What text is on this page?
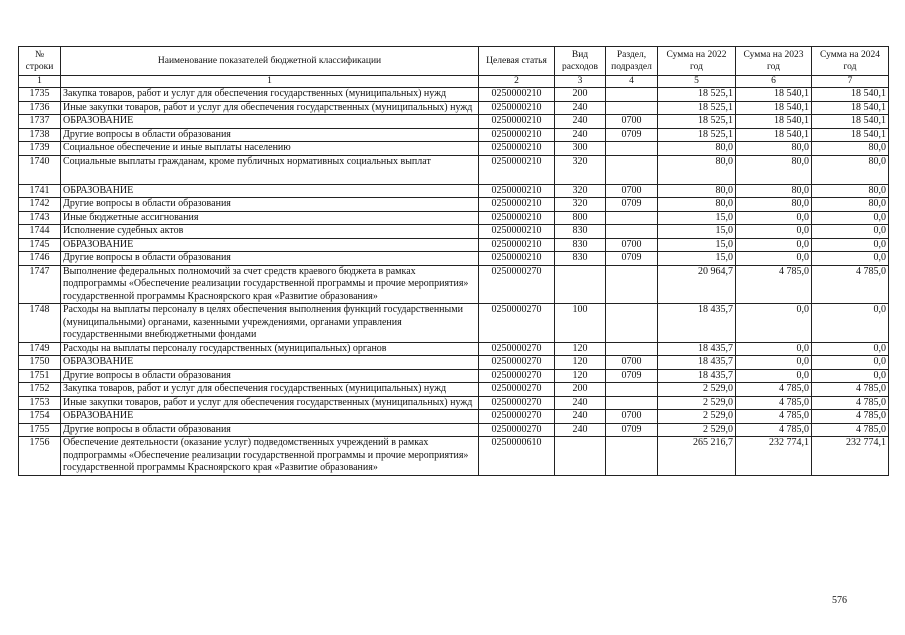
№ строки	Наименование показателей бюджетной классификации	Целевая статья	Вид расходов	Раздел, подраздел	Сумма на 2022 год	Сумма на 2023 год	Сумма на 2024 год
1	1	2	3	4	5	6	7
1735	Закупка товаров, работ и услуг для обеспечения государственных (муниципальных) нужд	0250000210	200		18 525,1	18 540,1	18 540,1
1736	Иные закупки товаров, работ и услуг для обеспечения государственных (муниципальных) нужд	0250000210	240		18 525,1	18 540,1	18 540,1
1737	ОБРАЗОВАНИЕ	0250000210	240	0700	18 525,1	18 540,1	18 540,1
1738	Другие вопросы в области образования	0250000210	240	0709	18 525,1	18 540,1	18 540,1
1739	Социальное обеспечение и иные выплаты населению	0250000210	300		80,0	80,0	80,0
1740	Социальные выплаты гражданам, кроме публичных нормативных социальных выплат	0250000210	320		80,0	80,0	80,0
1741	ОБРАЗОВАНИЕ	0250000210	320	0700	80,0	80,0	80,0
1742	Другие вопросы в области образования	0250000210	320	0709	80,0	80,0	80,0
1743	Иные бюджетные ассигнования	0250000210	800		15,0	0,0	0,0
1744	Исполнение судебных актов	0250000210	830		15,0	0,0	0,0
1745	ОБРАЗОВАНИЕ	0250000210	830	0700	15,0	0,0	0,0
1746	Другие вопросы в области образования	0250000210	830	0709	15,0	0,0	0,0
1747	Выполнение федеральных полномочий за счет средств краевого бюджета в рамках подпрограммы «Обеспечение реализации государственной программы и прочие мероприятия» государственной программы Красноярского края «Развитие образования»	0250000270			20 964,7	4 785,0	4 785,0
1748	Расходы на выплаты персоналу в целях обеспечения выполнения функций государственными (муниципальными) органами, казенными учреждениями, органами управления государственными внебюджетными фондами	0250000270	100		18 435,7	0,0	0,0
1749	Расходы на выплаты персоналу государственных (муниципальных) органов	0250000270	120		18 435,7	0,0	0,0
1750	ОБРАЗОВАНИЕ	0250000270	120	0700	18 435,7	0,0	0,0
1751	Другие вопросы в области образования	0250000270	120	0709	18 435,7	0,0	0,0
1752	Закупка товаров, работ и услуг для обеспечения государственных (муниципальных) нужд	0250000270	200		2 529,0	4 785,0	4 785,0
1753	Иные закупки товаров, работ и услуг для обеспечения государственных (муниципальных) нужд	0250000270	240		2 529,0	4 785,0	4 785,0
1754	ОБРАЗОВАНИЕ	0250000270	240	0700	2 529,0	4 785,0	4 785,0
1755	Другие вопросы в области образования	0250000270	240	0709	2 529,0	4 785,0	4 785,0
1756	Обеспечение деятельности (оказание услуг) подведомственных учреждений в рамках подпрограммы «Обеспечение реализации государственной программы и прочие мероприятия» государственной программы Красноярского края «Развитие образования»	0250000610			265 216,7	232 774,1	232 774,1
576
